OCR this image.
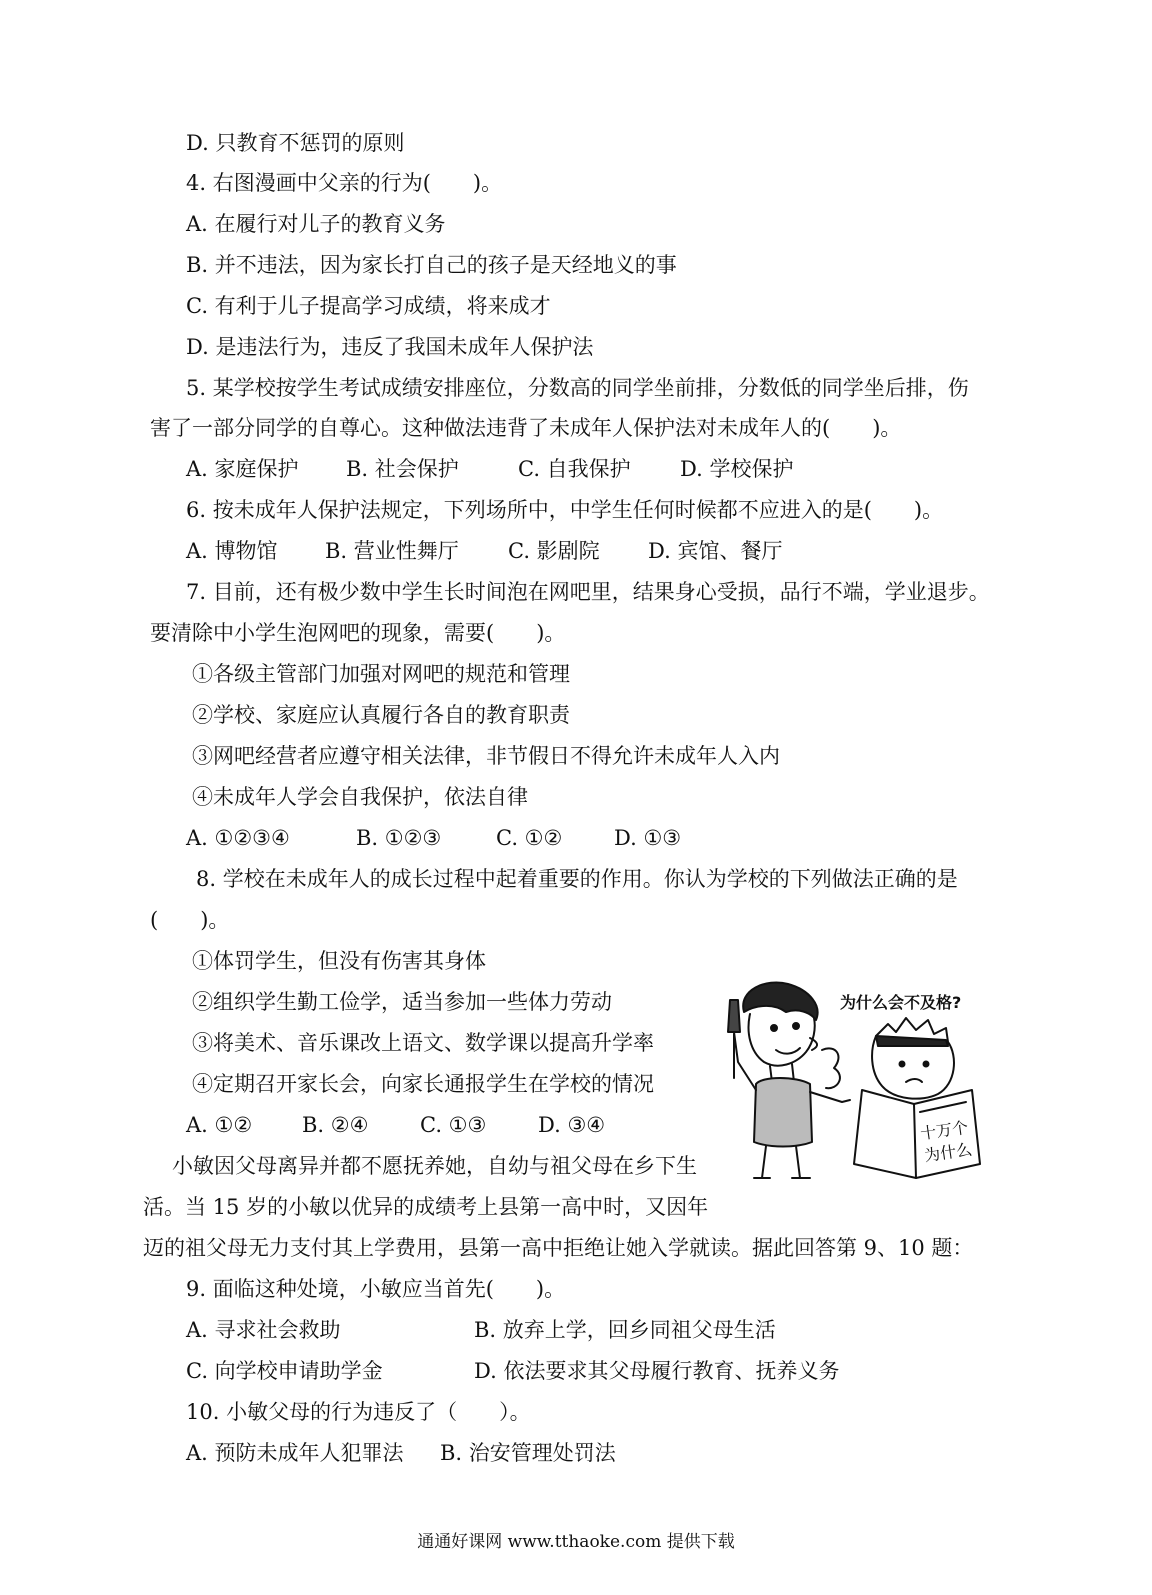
D. 只教育不惩罚的原则
4. 右图漫画中父亲的行为(　　)。
A. 在履行对儿子的教育义务
B. 并不违法，因为家长打自己的孩子是天经地义的事
C. 有利于儿子提高学习成绩，将来成才
D. 是违法行为，违反了我国未成年人保护法
5. 某学校按学生考试成绩安排座位，分数高的同学坐前排，分数低的同学坐后排，伤
害了一部分同学的自尊心。这种做法违背了未成年人保护法对未成年人的(　　)。
A. 家庭保护 B. 社会保护	C. 自我保护 D. 学校保护
6. 按未成年人保护法规定，下列场所中，中学生任何时候都不应进入的是(　　)。
A. 博物馆 B. 营业性舞厅 C. 影剧院 D. 宾馆、餐厅
7. 目前，还有极少数中学生长时间泡在网吧里，结果身心受损，品行不端，学业退步。
要清除中小学生泡网吧的现象，需要(　　)。
①各级主管部门加强对网吧的规范和管理
②学校、家庭应认真履行各自的教育职责
③网吧经营者应遵守相关法律，非节假日不得允许未成年人入内
④未成年人学会自我保护，依法自律
A. ①②③④	B. ①②③	C. ①② D. ①③
8. 学校在未成年人的成长过程中起着重要的作用。你认为学校的下列做法正确的是
(　　)。
①体罚学生，但没有伤害其身体
②组织学生勤工俭学，适当参加一些体力劳动
③将美术、音乐课改上语文、数学课以提高升学率
④定期召开家长会，向家长通报学生在学校的情况
A. ①② B. ②④ C. ①③ D. ③④
为什么会不及格?
十万个
为什么
小敏因父母离异并都不愿抚养她，自幼与祖父母在乡下生
活。当 15 岁的小敏以优异的成绩考上县第一高中时，又因年
迈的祖父母无力支付其上学费用，县第一高中拒绝让她入学就读。据此回答第 9、10 题：
9. 面临这种处境，小敏应当首先(　　)。
A. 寻求社会救助	B. 放弃上学，回乡同祖父母生活
C. 向学校申请助学金	D. 依法要求其父母履行教育、抚养义务
10. 小敏父母的行为违反了（　　）。
A. 预防未成年人犯罪法 B. 治安管理处罚法
通通好课网 www.tthaoke.com 提供下载
